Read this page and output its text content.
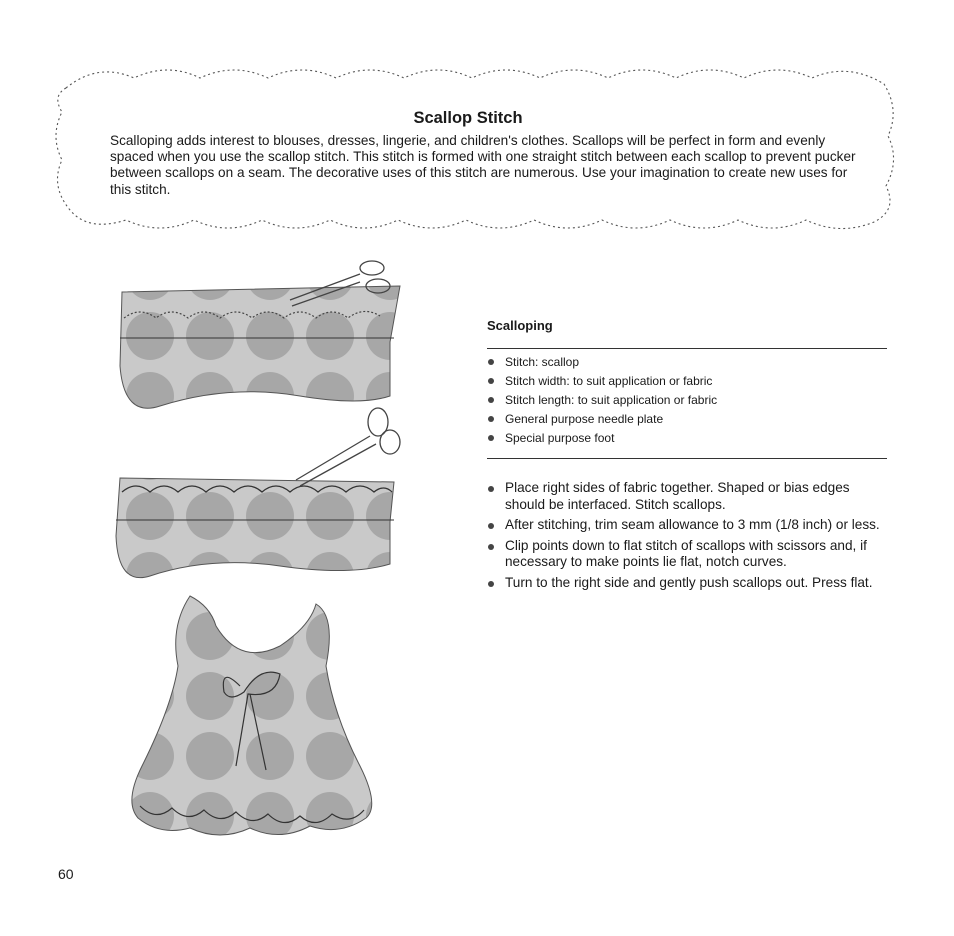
Scallop Stitch

Scalloping adds interest to blouses, dresses, lingerie, and children's clothes. Scallops will be perfect in form and evenly spaced when you use the scallop stitch. This stitch is formed with one straight stitch between each scallop to prevent pucker between scallops on a seam. The decorative uses of this stitch are numerous. Use your imagination to create new uses for this stitch.

Scalloping
Stitch: scallop
Stitch width: to suit application or fabric
Stitch length: to suit application or fabric
General purpose needle plate
Special purpose foot
Place right sides of fabric together. Shaped or bias edges should be interfaced. Stitch scallops.
After stitching, trim seam allowance to 3 mm (1/8 inch) or less.
Clip points down to flat stitch of scallops with scissors and, if necessary to make points lie flat, notch curves.
Turn to the right side and gently push scallops out. Press flat.
60
